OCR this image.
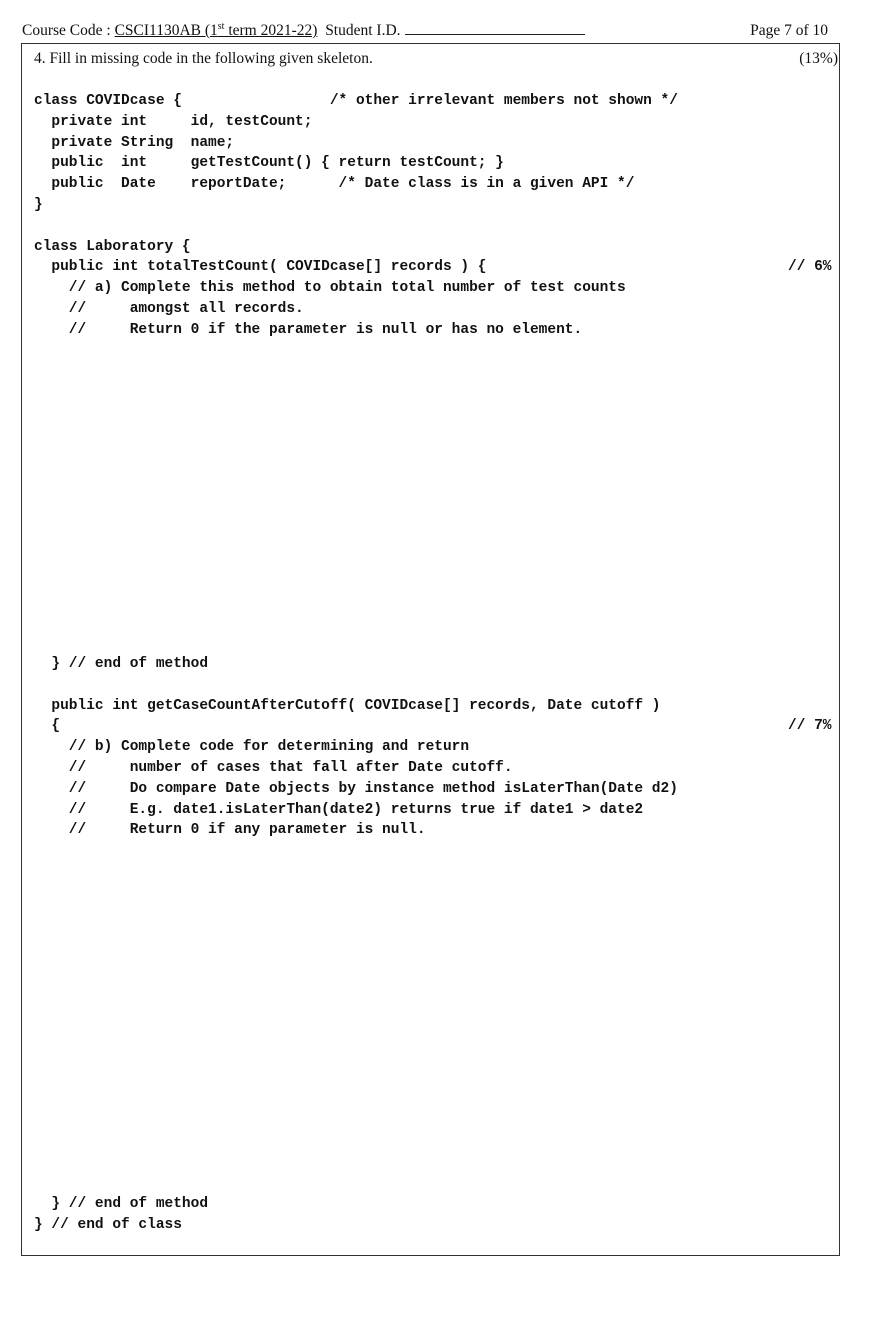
Course Code : CSCI1130AB (1st term 2021-22) Student I.D.	Page 7 of 10
4. Fill in missing code in the following given skeleton.	(13%)
class COVIDcase {                 /* other irrelevant members not shown */
private int     id, testCount;
private String  name;
public  int     getTestCount() { return testCount; }
public  Date    reportDate;      /* Date class is in a given API */
}

class Laboratory {
public int totalTestCount( COVIDcase[] records ) {
// a) Complete this method to obtain total number of test counts
//     amongst all records.
//     Return 0 if the parameter is null or has no element.
// 6%
} // end of method

public int getCaseCountAfterCutoff( COVIDcase[] records, Date cutoff )
{
// b) Complete code for determining and return
//     number of cases that fall after Date cutoff.
//     Do compare Date objects by instance method isLaterThan(Date d2)
//     E.g. date1.isLaterThan(date2) returns true if date1 > date2
//     Return 0 if any parameter is null.
// 7%
} // end of method
} // end of class
